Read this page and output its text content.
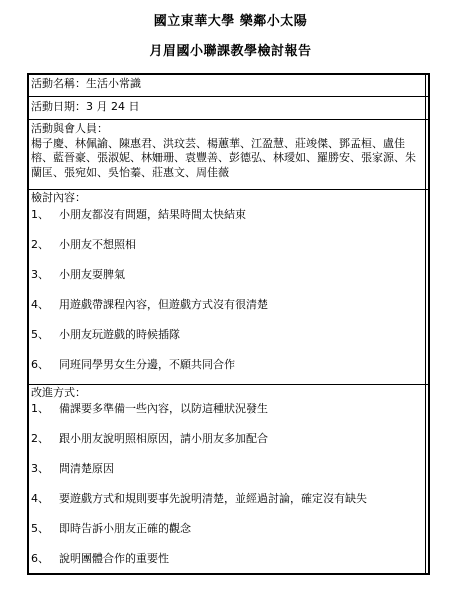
國立東華大學 樂鄰小太陽
月眉國小聯課教學檢討報告
活動名稱：生活小常識
活動日期：3 月 24 日
活動與會人員：
楊子慶、林佩諭、陳惠君、洪玟芸、楊蕙華、江盈慧、莊竣傑、鄧孟桓、盧佳榕、藍晉豪、張淑妮、林姍珊、袁豐善、彭德弘、林璦如、羅勝安、張家源、朱蘭匡、張宛如、吳怡蓁、莊惠文、周佳薇
檢討內容：
1、 小朋友都沒有問題，結果時間太快結束
2、 小朋友不想照相
3、 小朋友耍脾氣
4、 用遊戲帶課程內容，但遊戲方式沒有很清楚
5、 小朋友玩遊戲的時候插隊
6、 同班同學男女生分邊，不願共同合作
改進方式：
1、 備課要多準備一些內容，以防這種狀況發生
2、 跟小朋友說明照相原因，請小朋友多加配合
3、 問清楚原因
4、 要遊戲方式和規則要事先說明清楚，並經過討論，確定沒有缺失
5、 即時告訴小朋友正確的觀念
6、 說明團體合作的重要性
